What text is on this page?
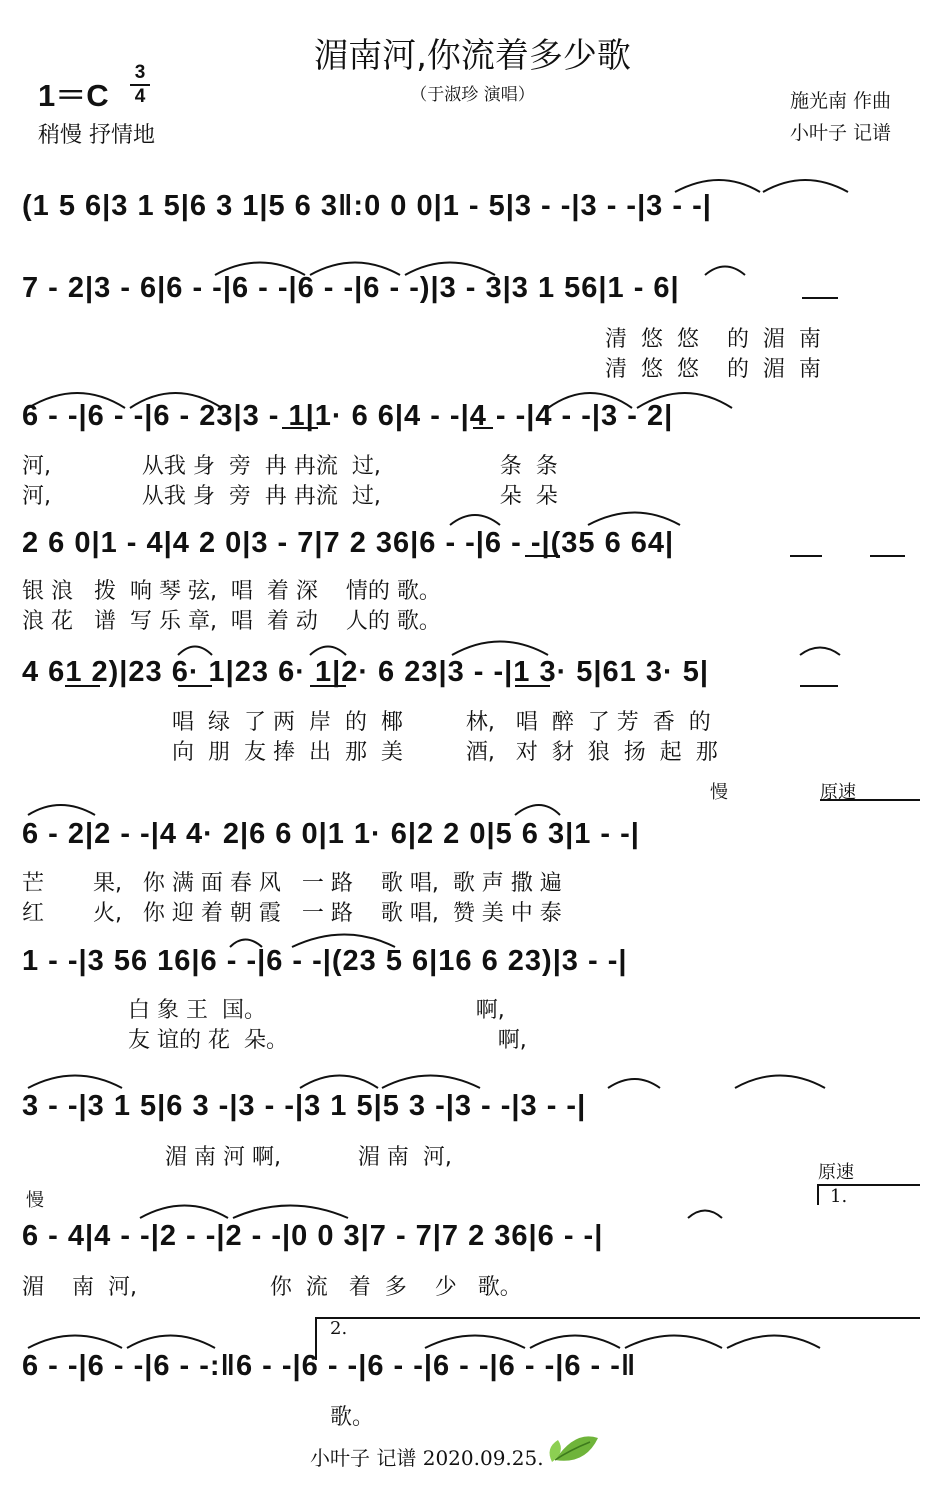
湄南河,你流着多少歌
1＝C
3
4	（于淑珍 演唱）
稍慢 抒情地
施光南 作曲
小叶子 记谱
(1 5 6|3 1 5|6 3 1|5 6 3‖:0 0 0|1 - 5|3 - -|3 - -|3 - -|
7 - 2|3 - 6|6 - -|6 - -|6 - -|6 - -)|3 - 3|3 1 56|1 - 6|
清  悠  悠    的  湄  南
清  悠  悠    的  湄  南
6 - -|6 - -|6 - 23|3 - 1|1· 6 6|4 - -|4 - -|4 - -|3 - 2|
河,             从我 身  旁  冉 冉流  过,                 条  条
河,             从我 身  旁  冉 冉流  过,                 朵  朵
2 6 0|1 - 4|4 2 0|3 - 7|7 2 36|6 - -|6 - -|(35 6 64|
银 浪   拨  响 琴 弦,  唱  着 深    情的 歌。
浪 花   谱  写 乐 章,  唱  着 动    人的 歌。
4 61 2)|23 6· 1|23 6· 1|2· 6 23|3 - -|1 3· 5|61 3· 5|
唱  绿  了 两  岸  的  椰         林,   唱  醉  了 芳  香  的
向  朋  友 捧  出  那  美         酒,   对  豺  狼  扬  起  那
慢	原速
6 - 2|2 - -|4 4· 2|6 6 0|1 1· 6|2 2 0|5 6 3|1 - -|
芒       果,   你 满 面 春 风   一 路    歌 唱,  歌 声 撒 遍
红       火,   你 迎 着 朝 霞   一 路    歌 唱,  赞 美 中 泰
1 - -|3 56 16|6 - -|6 - -|(23 5 6|16 6 23)|3 - -|
白 象 王  国。                              啊,
友 谊的 花  朵。                              啊,
3 - -|3 1 5|6 3 -|3 - -|3 1 5|5 3 -|3 - -|3 - -|
湄 南 河 啊,           湄 南  河,
慢
原速
1.
6 - 4|4 - -|2 - -|2 - -|0 0 3|7 - 7|7 2 36|6 - -|
湄    南  河,                   你  流   着  多    少   歌。
2.
6 - -|6 - -|6 - -:‖6 - -|6 - -|6 - -|6 - -|6 - -|6 - -‖
歌。
小叶子 记谱 2020.09.25.
